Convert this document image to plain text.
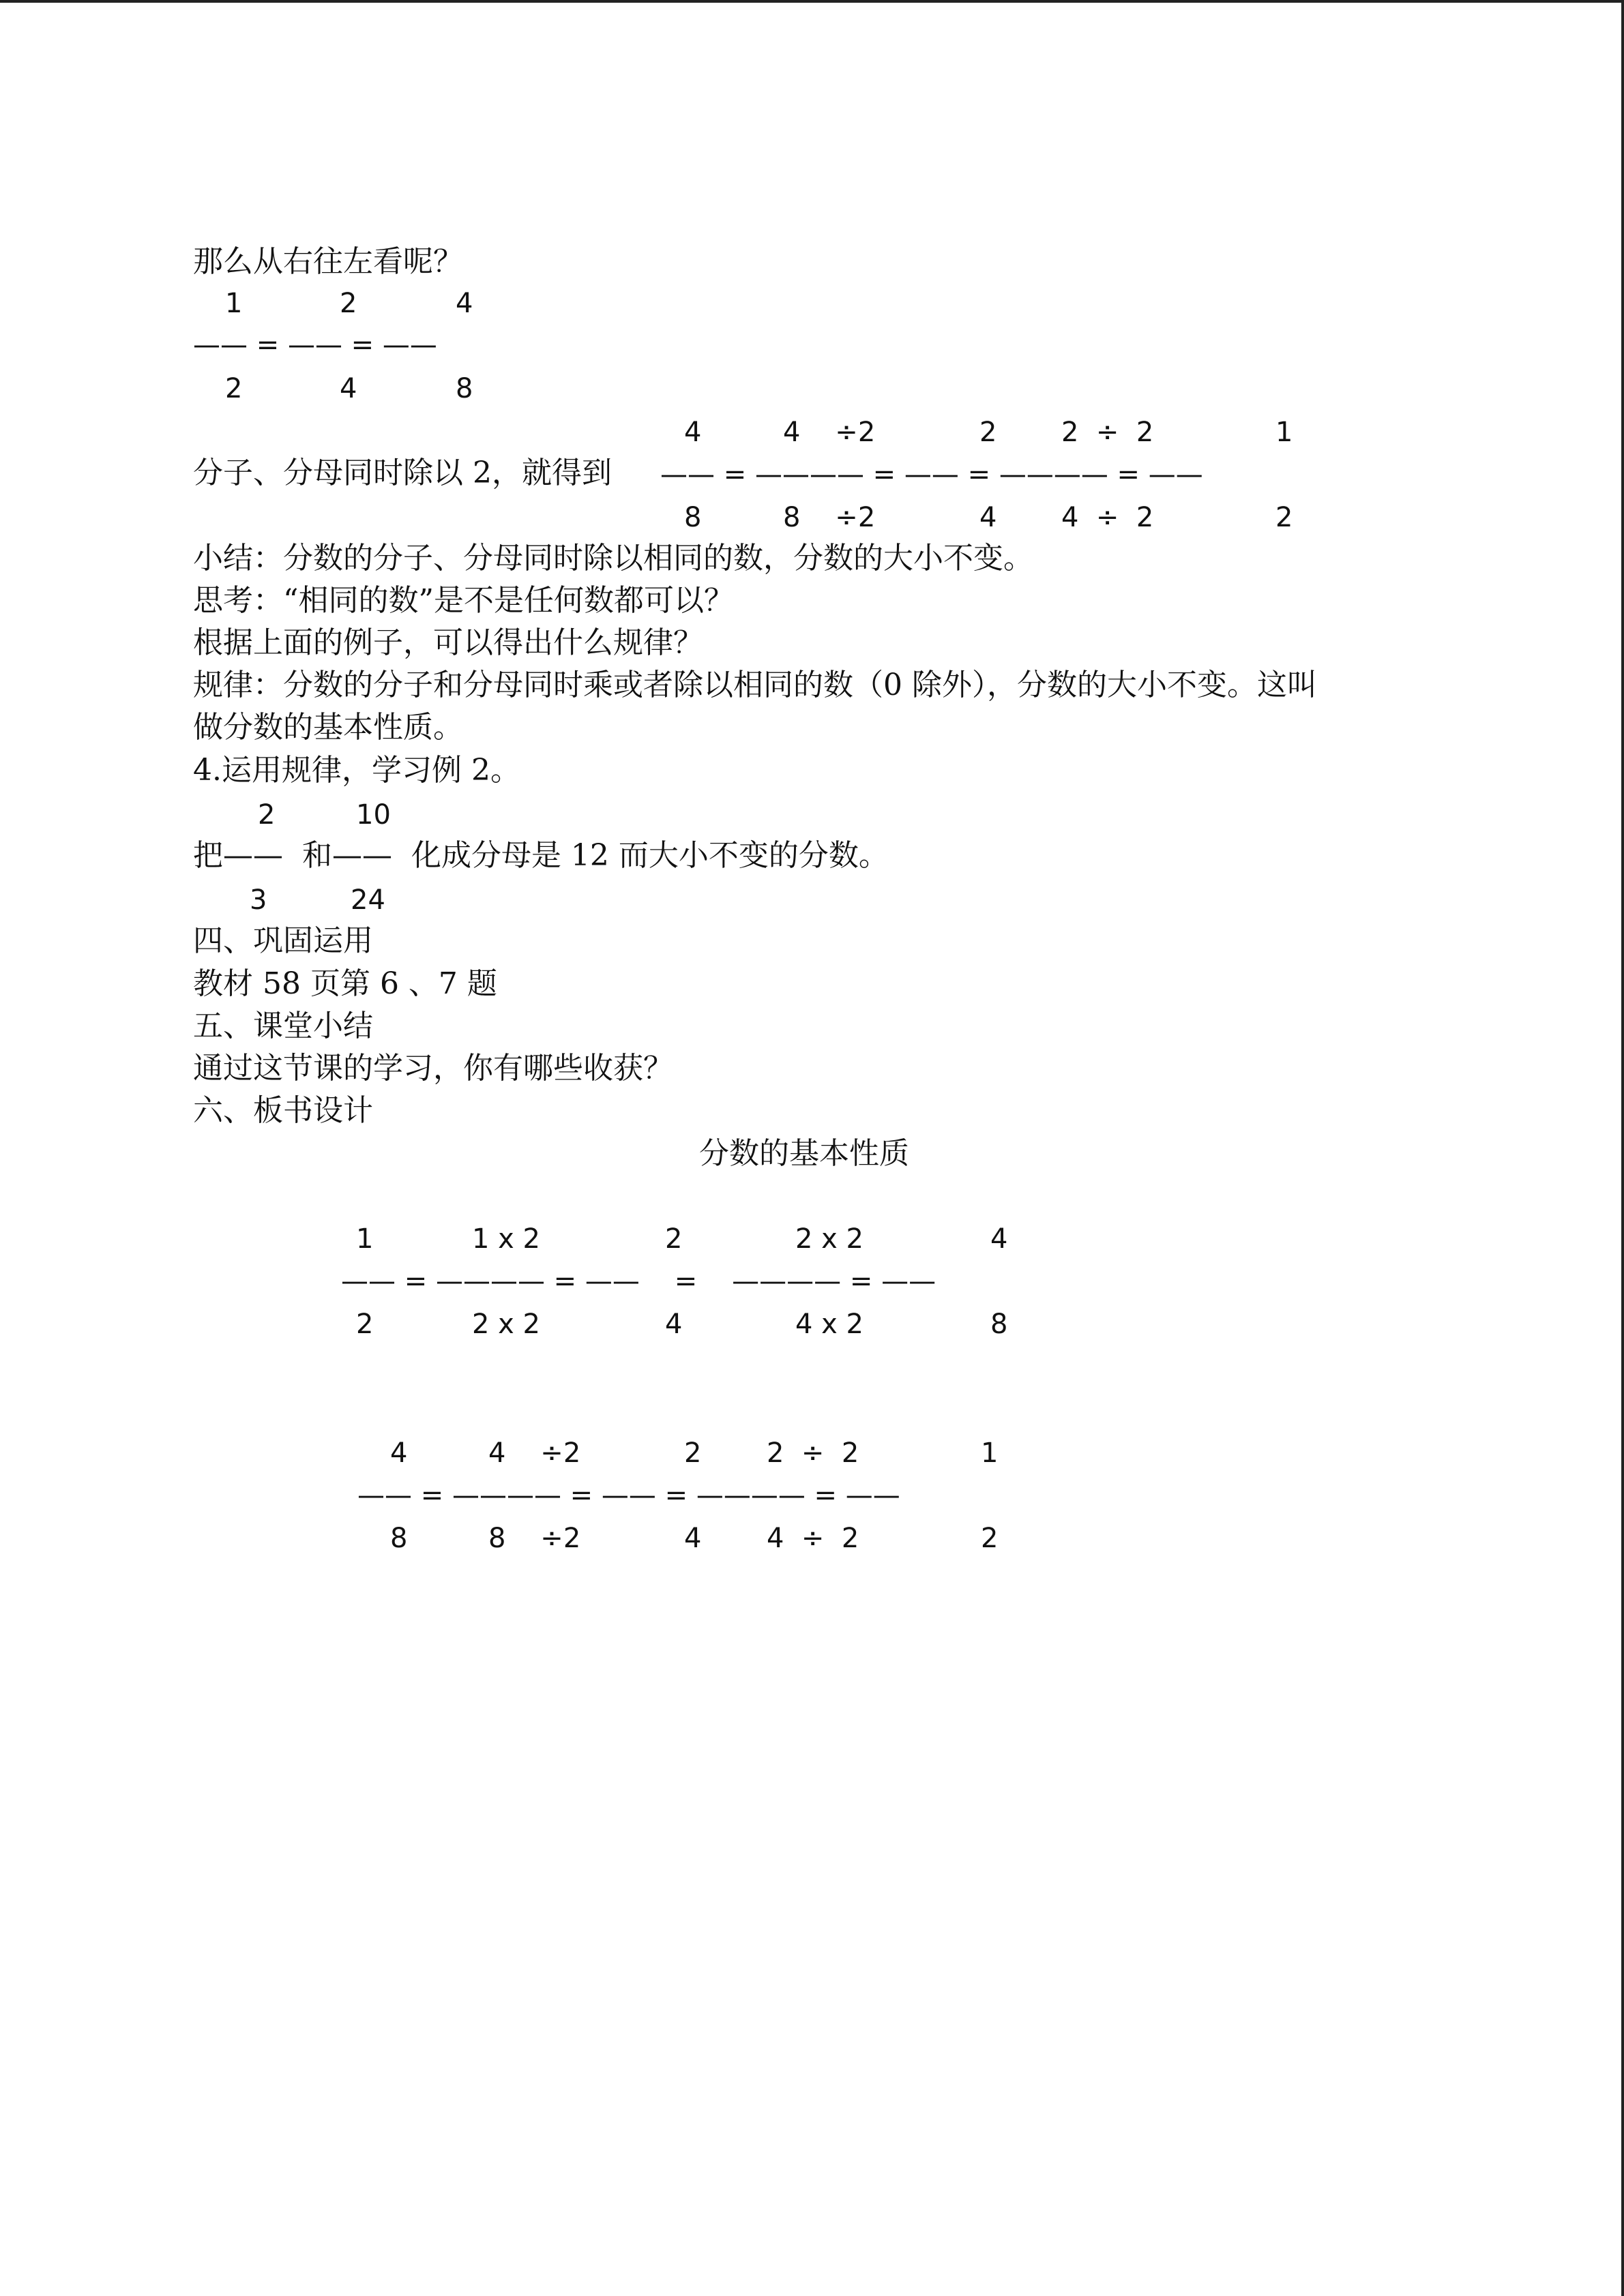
那么从右往左看呢？
1	2	4
—— = —— = ——
2	4	8
4	4    ÷2	2 2  ÷  2	1
分子、分母同时除以 2，就得到 —— = ———— = —— = ———— = ——
8	8    ÷2	4 4  ÷  2	2
小结：分数的分子、分母同时除以相同的数，分数的大小不变。
思考：“相同的数”是不是任何数都可以？
根据上面的例子，可以得出什么规律？
规律：分数的分子和分母同时乘或者除以相同的数（0 除外），分数的大小不变。这叫
做分数的基本性质。
4.运用规律，学习例 2。
2	10
把——  和——  化成分母是 12 而大小不变的分数。
3	24
四、巩固运用
教材 58 页第 6 、7 题
五、课堂小结
通过这节课的学习，你有哪些收获？
六、板书设计
分数的基本性质
1	1 x 2	2	2 x 2	4
—— = ———— = ——    =    ———— = ——
2	2 x 2	4	4 x 2	8
4	4    ÷2	2 2  ÷  2	1
—— = ———— = —— = ———— = ——
8	8    ÷2	4 4  ÷  2	2
